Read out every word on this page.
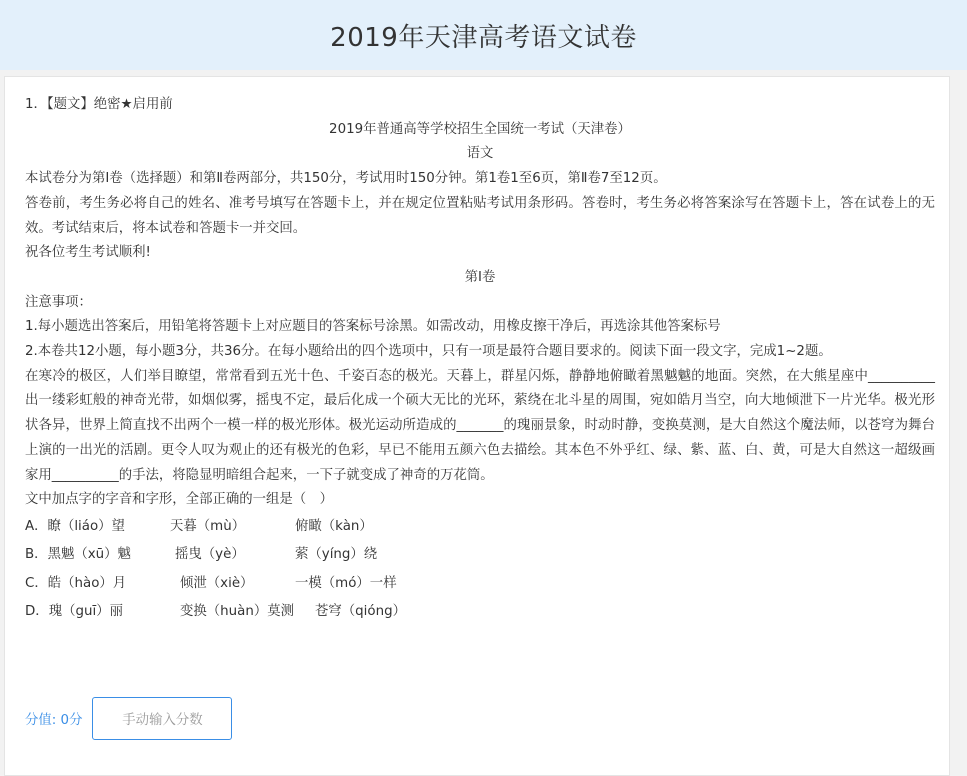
2019年天津高考语文试卷
1．【题文】绝密★启用前
2019年普通高等学校招生全国统一考试（天津卷）
语文
本试卷分为第Ⅰ卷（选择题）和第Ⅱ卷两部分，共150分，考试用时150分钟。第1卷1至6页，第Ⅱ卷7至12页。
答卷前，考生务必将自己的姓名、准考号填写在答题卡上，并在规定位置粘贴考试用条形码。答卷时，考生务必将答案涂写在答题卡上，答在试卷上的无效。考试结束后，将本试卷和答题卡一并交回。
祝各位考生考试顺利!
第Ⅰ卷
注意事项：
1.每小题选出答案后，用铅笔将答题卡上对应题目的答案标号涂黑。如需改动，用橡皮擦干净后，再选涂其他答案标号
2.本卷共12小题，每小题3分，共36分。在每小题给出的四个选项中，只有一项是最符合题目要求的。阅读下面一段文字，完成1~2题。
在寒冷的极区，人们举目瞭望，常常看到五光十色、千姿百态的极光。天暮上，群星闪烁，静静地俯瞰着黑魆魆的地面。突然，在大熊星座中__________出一缕彩虹般的神奇光带，如烟似雾，摇曳不定，最后化成一个硕大无比的光环，萦绕在北斗星的周围，宛如皓月当空，向大地倾泄下一片光华。极光形状各异，世界上简直找不出两个一模一样的极光形体。极光运动所造成的_______的瑰丽景象，时动时静，变换莫测，是大自然这个魔法师，以苍穹为舞台上演的一出光的活剧。更令人叹为观止的还有极光的色彩，早已不能用五颜六色去描绘。其本色不外乎红、绿、紫、蓝、白、黄，可是大自然这一超级画家用__________的手法，将隐显明暗组合起来，一下子就变成了神奇的万花筒。
文中加点字的字音和字形，全部正确的一组是（　）
A．瞭（liáo）望	天暮（mù）	俯瞰（kàn）
B．黑魆（xū）魆	摇曳（yè）	萦（yíng）绕
C．皓（hào）月	倾泄（xiè）	一模（mó）一样
D．瑰（guī）丽	变换（huàn）莫测 苍穹（qióng）
分值: 0分	手动输入分数
